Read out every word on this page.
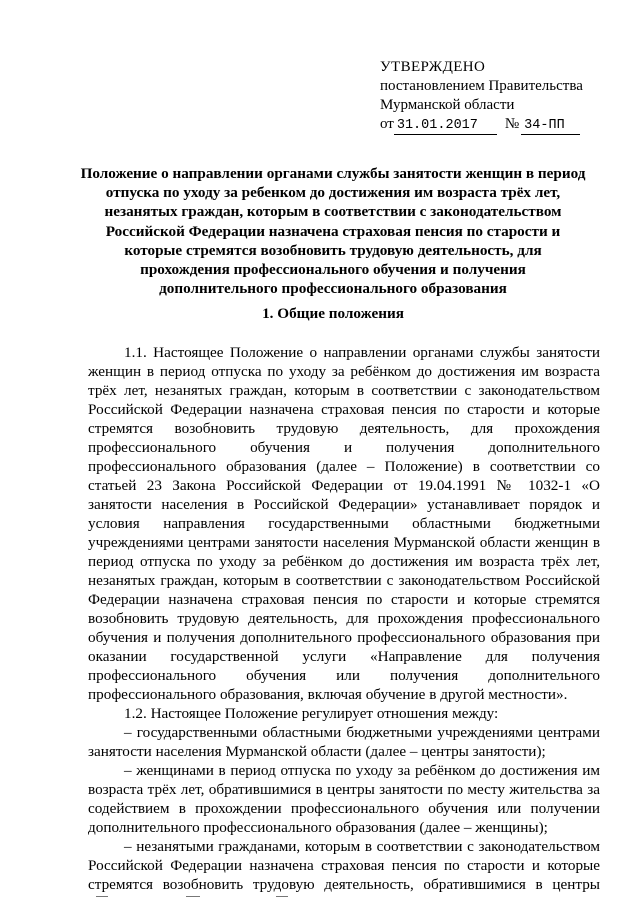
УТВЕРЖДЕНО
постановлением Правительства
Мурманской области
от 31.01.2017	№ 34-ПП
Положение о направлении органами службы занятости женщин в период отпуска по уходу за ребенком до достижения им возраста трёх лет, незанятых граждан, которым в соответствии с законодательством Российской Федерации назначена страховая пенсия по старости и которые стремятся возобновить трудовую деятельность, для прохождения профессионального обучения и получения дополнительного профессионального образования
1. Общие положения

1.1. Настоящее Положение о направлении органами службы занятости женщин в период отпуска по уходу за ребёнком до достижения им возраста трёх лет, незанятых граждан, которым в соответствии с законодательством Российской Федерации назначена страховая пенсия по старости и которые стремятся возобновить трудовую деятельность, для прохождения профессионального обучения и получения дополнительного профессионального образования (далее – Положение) в соответствии со статьей 23 Закона Российской Федерации от 19.04.1991 № 1032-1 «О занятости населения в Российской Федерации» устанавливает порядок и условия направления государственными областными бюджетными учреждениями центрами занятости населения Мурманской области женщин в период отпуска по уходу за ребёнком до достижения им возраста трёх лет, незанятых граждан, которым в соответствии с законодательством Российской Федерации назначена страховая пенсия по старости и которые стремятся возобновить трудовую деятельность, для прохождения профессионального обучения и получения дополнительного профессионального образования при оказании государственной услуги «Направление для получения профессионального обучения или получения дополнительного профессионального образования, включая обучение в другой местности».

1.2. Настоящее Положение регулирует отношения между:

– государственными областными бюджетными учреждениями центрами занятости населения Мурманской области (далее – центры занятости);

– женщинами в период отпуска по уходу за ребёнком до достижения им возраста трёх лет, обратившимися в центры занятости по месту жительства за содействием в прохождении профессионального обучения или получении дополнительного профессионального образования (далее – женщины);

– незанятыми гражданами, которым в соответствии с законодательством Российской Федерации назначена страховая пенсия по старости и которые стремятся возобновить трудовую деятельность, обратившимися в центры
